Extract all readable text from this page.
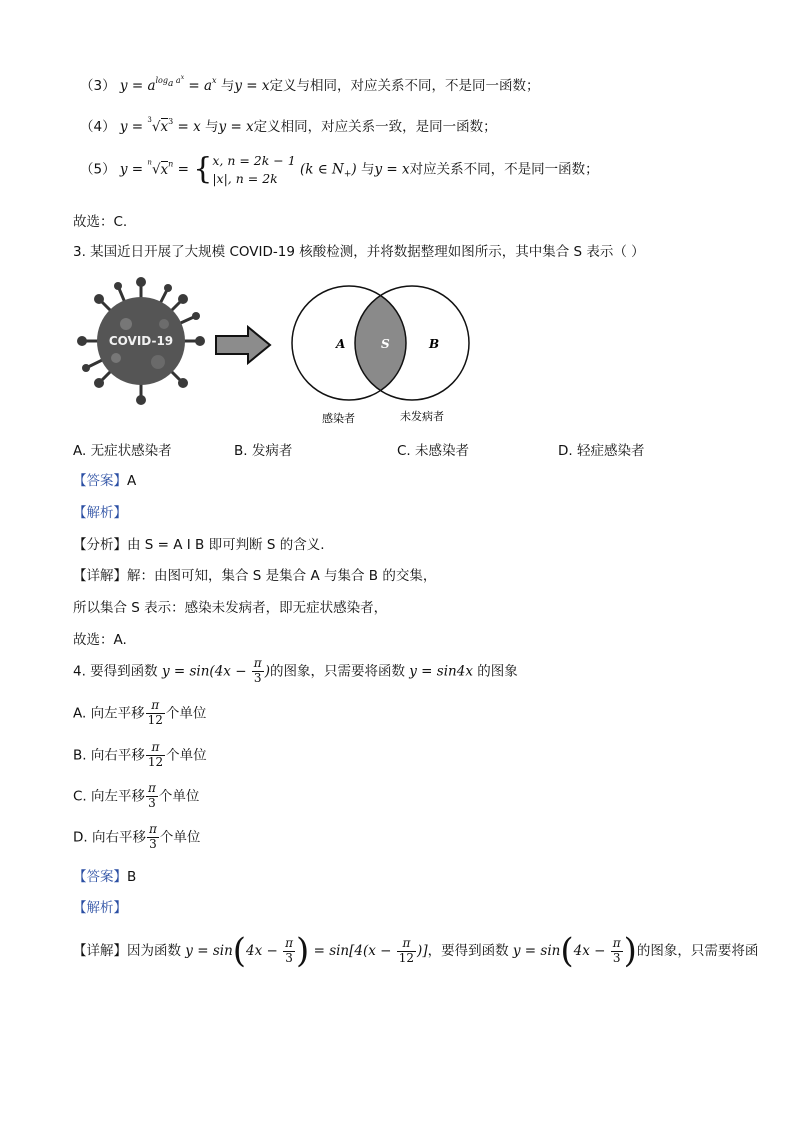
（3） $y = a^{loga a^x} = a^x$ 与y = x定义与相同，对应关系不同，不是同一函数；
（4） $y = ^3√x^3 = x$ 与y = x定义相同，对应关系一致，是同一函数；
（5） $y = ^n√x^n = \{x$, n = 2k − 1
|x|, n = 2k (k ∈ $N_+$) 与y = x对应关系不同，不是同一函数；
故选：C.
3. 某国近日开展了大规模 COVID-19 核酸检测，并将数据整理如图所示，其中集合 S 表示（ ）
COVID-19	A	S	B
感染者	未发病者
A. 无症状感染者	B. 发病者	C. 未感染者	D. 轻症感染者
【答案】A
【解析】
【分析】由 S = A I B 即可判断 S 的含义.
【详解】解：由图可知，集合 S 是集合 A 与集合 B 的交集，
所以集合 S 表示：感染未发病者，即无症状感染者，
故选：A.
4. 要得到函数 $y = \sin(4x - \frac{\pi}{3}$ )的图象，只需要将函数 y = sin4x 的图象
A. 向左平移 $\frac{\pi}{12}$ 个单位
B. 向右平移 $\frac{\pi}{12}$ 个单位
C. 向左平移 $\frac{\pi}{3}$ 个单位
D. 向右平移 $\frac{\pi}{3}$ 个单位
【答案】B
【解析】
【详解】因为函数 $y = \sin(4x - \frac{\pi}{3}$ ) = $\sin[4(x - \frac{\pi}{12}$ )]，要得到函数 $y = \sin(4x - \frac{\pi}{3}$ )的图象，只需要将函
